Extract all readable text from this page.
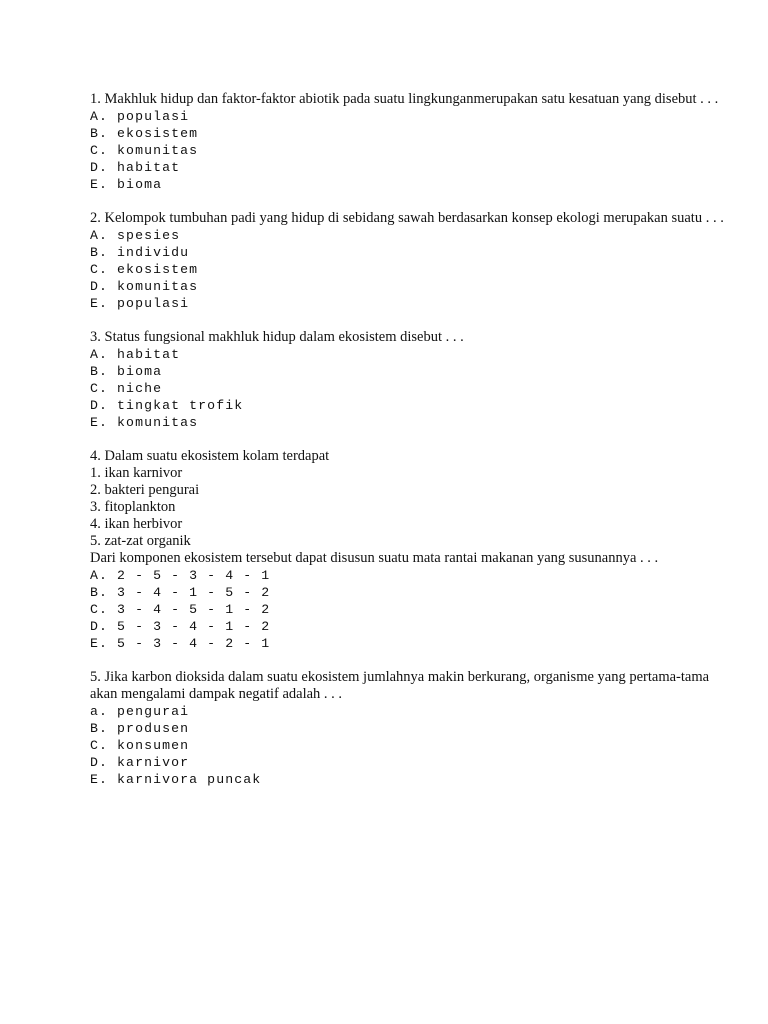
1. Makhluk hidup dan faktor-faktor abiotik pada suatu lingkunganmerupakan satu kesatuan yang disebut . . .
A. populasi
B. ekosistem
C. komunitas
D. habitat
E. bioma
2. Kelompok tumbuhan padi yang hidup di sebidang sawah berdasarkan konsep ekologi merupakan suatu . . .
A. spesies
B. individu
C. ekosistem
D. komunitas
E. populasi
3. Status fungsional makhluk hidup dalam ekosistem disebut . . .
A. habitat
B. bioma
C. niche
D. tingkat trofik
E. komunitas
4. Dalam suatu ekosistem kolam terdapat
1. ikan karnivor
2. bakteri pengurai
3. fitoplankton
4. ikan herbivor
5. zat-zat organik
Dari komponen ekosistem tersebut dapat disusun suatu mata rantai makanan yang susunannya . . .
A. 2 - 5 - 3 - 4 - 1
B. 3 - 4 - 1 - 5 - 2
C. 3 - 4 - 5 - 1 - 2
D. 5 - 3 - 4 - 1 - 2
E. 5 - 3 - 4 - 2 - 1
5. Jika karbon dioksida dalam suatu ekosistem jumlahnya makin berkurang, organisme yang pertama-tama akan mengalami dampak negatif adalah . . .
a. pengurai
B. produsen
C. konsumen
D. karnivor
E. karnivora puncak
